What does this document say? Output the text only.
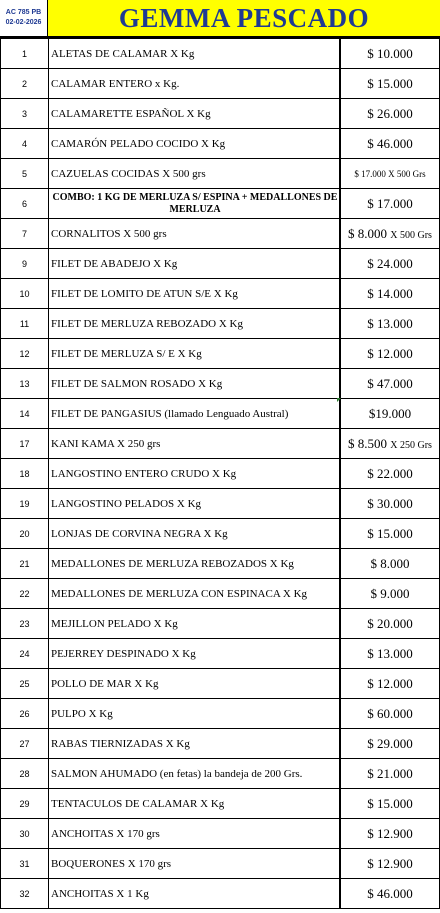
AC 785 PB
02-02-2026	GEMMA PESCADO
1	ALETAS DE CALAMAR X Kg	$ 10.000
2	CALAMAR ENTERO x Kg.	$ 15.000
3	CALAMARETTE ESPAÑOL X Kg	$ 26.000
4	CAMARÓN PELADO COCIDO X Kg	$ 46.000
5	CAZUELAS COCIDAS X 500 grs	$ 17.000 X 500 Grs
6	COMBO: 1 KG DE MERLUZA S/ ESPINA + MEDALLONES DE MERLUZA	$ 17.000
7	CORNALITOS X 500 grs	$ 8.000 X 500 Grs
9	FILET DE ABADEJO X Kg	$ 24.000
10	FILET DE LOMITO DE ATUN S/E X Kg	$ 14.000
11	FILET DE MERLUZA REBOZADO X Kg	$ 13.000
12	FILET DE MERLUZA S/ E X Kg	$ 12.000
13	FILET DE SALMON ROSADO X Kg	$ 47.000
14	FILET DE PANGASIUS (llamado Lenguado Austral)	$19.000
17	KANI KAMA X 250 grs	$ 8.500 X 250 Grs
18	LANGOSTINO ENTERO CRUDO X Kg	$ 22.000
19	LANGOSTINO PELADOS X Kg	$ 30.000
20	LONJAS DE CORVINA NEGRA X Kg	$ 15.000
21	MEDALLONES DE MERLUZA REBOZADOS X Kg	$ 8.000
22	MEDALLONES DE MERLUZA CON ESPINACA X Kg	$ 9.000
23	MEJILLON PELADO X Kg	$ 20.000
24	PEJERREY DESPINADO X Kg	$ 13.000
25	POLLO DE MAR X Kg	$ 12.000
26	PULPO X Kg	$ 60.000
27	RABAS TIERNIZADAS X Kg	$ 29.000
28	SALMON AHUMADO (en fetas) la bandeja de 200 Grs.	$ 21.000
29	TENTACULOS DE CALAMAR X Kg	$ 15.000
30	ANCHOITAS X 170 grs	$ 12.900
31	BOQUERONES X 170 grs	$ 12.900
32	ANCHOITAS X 1 Kg	$ 46.000
